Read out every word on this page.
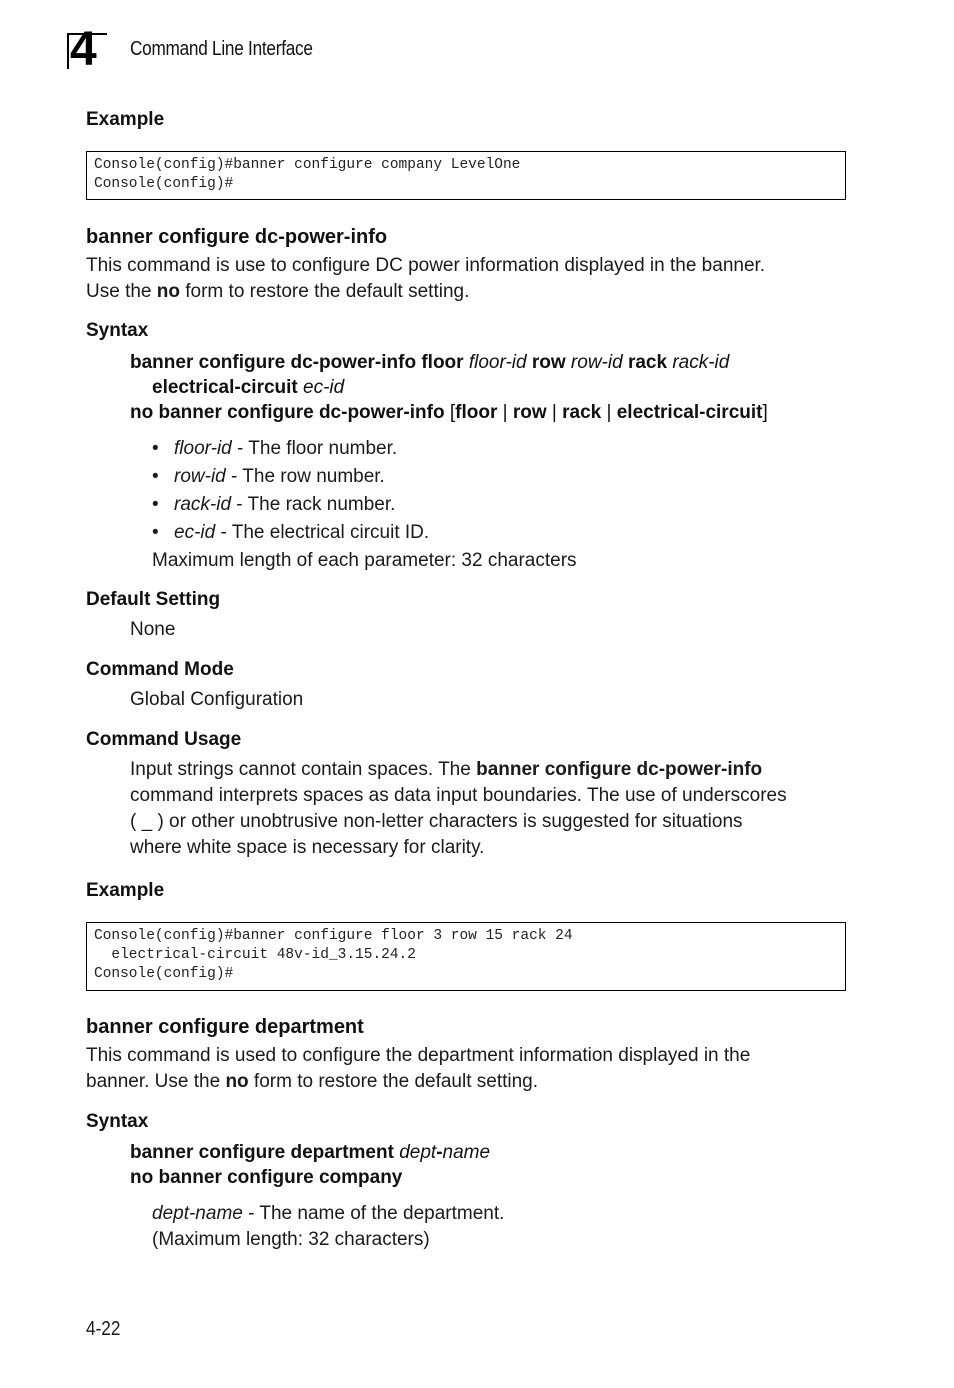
4 Command Line Interface
Example
Console(config)#banner configure company LevelOne
Console(config)#
banner configure dc-power-info
This command is use to configure DC power information displayed in the banner.
Use the no form to restore the default setting.
Syntax
banner configure dc-power-info floor floor-id row row-id rack rack-id
electrical-circuit ec-id
no banner configure dc-power-info [floor | row | rack | electrical-circuit]
• floor-id - The floor number.
• row-id - The row number.
• rack-id - The rack number.
• ec-id - The electrical circuit ID.
Maximum length of each parameter: 32 characters
Default Setting
None
Command Mode
Global Configuration
Command Usage
Input strings cannot contain spaces. The banner configure dc-power-info
command interprets spaces as data input boundaries. The use of underscores
( _ ) or other unobtrusive non-letter characters is suggested for situations
where white space is necessary for clarity.
Example
Console(config)#banner configure floor 3 row 15 rack 24
electrical-circuit 48v-id_3.15.24.2
Console(config)#
banner configure department
This command is used to configure the department information displayed in the
banner. Use the no form to restore the default setting.
Syntax
banner configure department dept-name
no banner configure company
dept-name - The name of the department.
(Maximum length: 32 characters)
4-22
